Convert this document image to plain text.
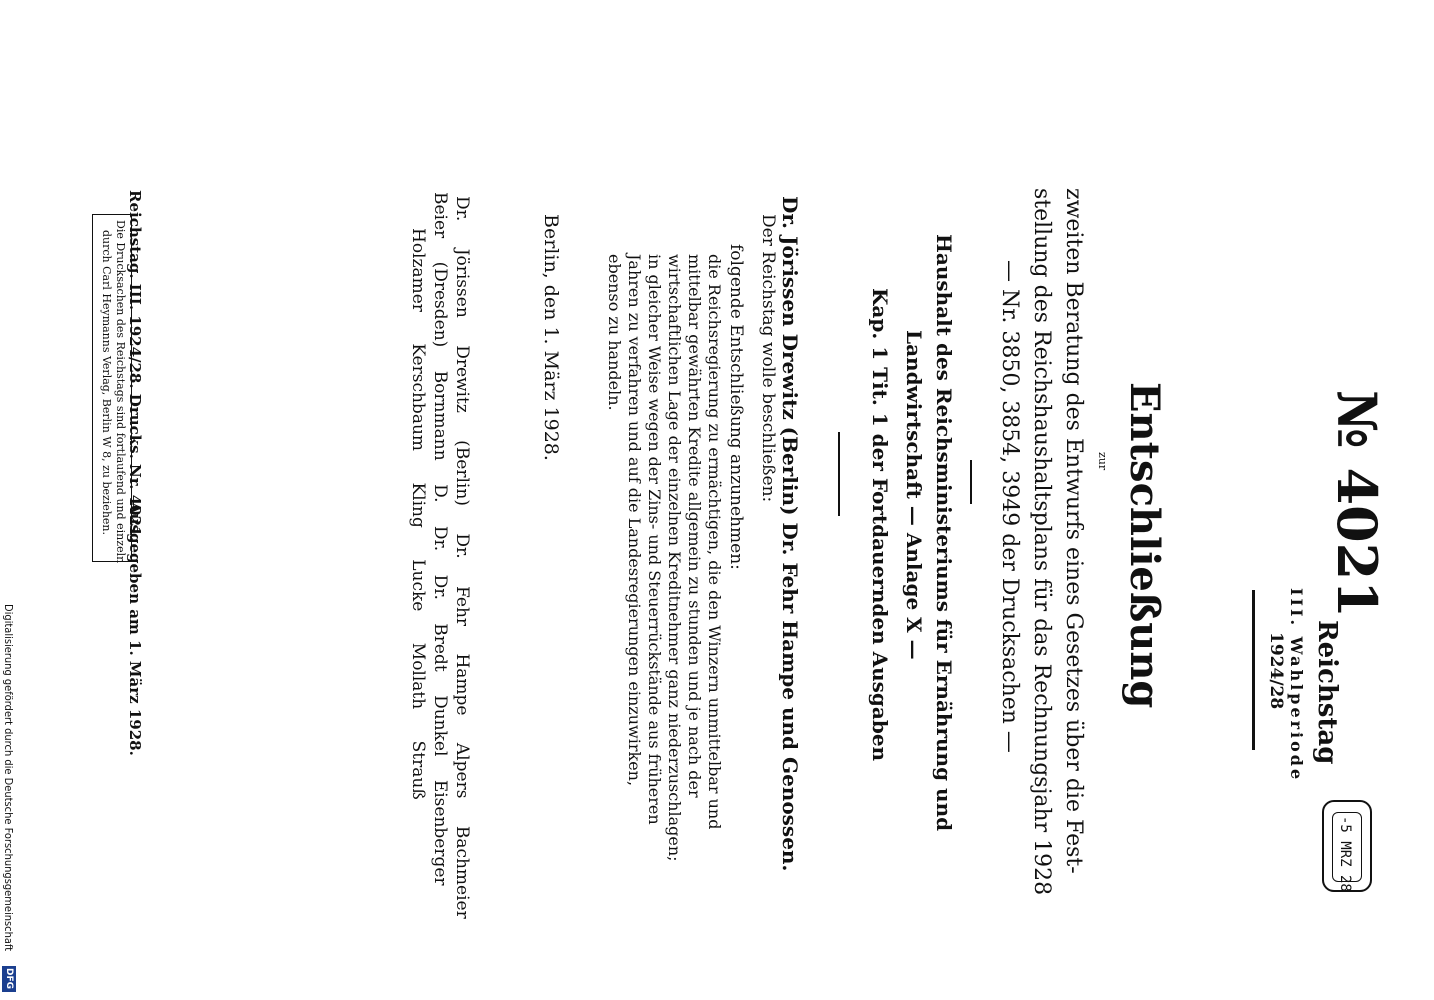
№ 4021
Reichstag
III. Wahlperiode
1924/28
-5 MRZ 28
Entschließung
zur
zweiten Beratung des Entwurfs eines Gesetzes über die Fest-
stellung des Reichshaushaltsplans für das Rechnungsjahr 1928
— Nr. 3850, 3854, 3949 der Drucksachen —
Haushalt des Reichsministeriums für Ernährung und
Landwirtschaft — Anlage X —
Kap. 1 Tit. 1 der Fortdauernden Ausgaben
Dr. Jörissen Drewitz (Berlin) Dr. Fehr Hampe und Genossen.
Der Reichstag wolle beschließen:
folgende Entschließung anzunehmen:
die Reichsregierung zu ermächtigen, die den Winzern unmittelbar und
mittelbar gewährten Kredite allgemein zu stunden und je nach der
wirtschaftlichen Lage der einzelnen Kreditnehmer ganz niederzuschlagen;
in gleicher Weise wegen der Zins- und Steuerrückstände aus früheren
Jahren zu verfahren und auf die Landesregierungen einzuwirken,
ebenso zu handeln.
Berlin, den 1. März 1928.
Dr. Jörissen Drewitz (Berlin) Dr. Fehr Hampe Alpers Bachmeier
Beier (Dresden) Bornmann D. Dr. Dr. Bredt Dunkel Eisenberger
Holzamer Kerschbaum Kling Lucke Mollath Strauß
Die Drucksachen des Reichstags sind fortlaufend und einzeln
durch Carl Heymanns Verlag, Berlin W 8, zu beziehen. Reichstag. III. 1924/28. Drucks. Nr. 4021.
Ausgegeben am 1. März 1928.
Digitalisierung gefördert durch die Deutsche Forschungsgemeinschaft
DFG
